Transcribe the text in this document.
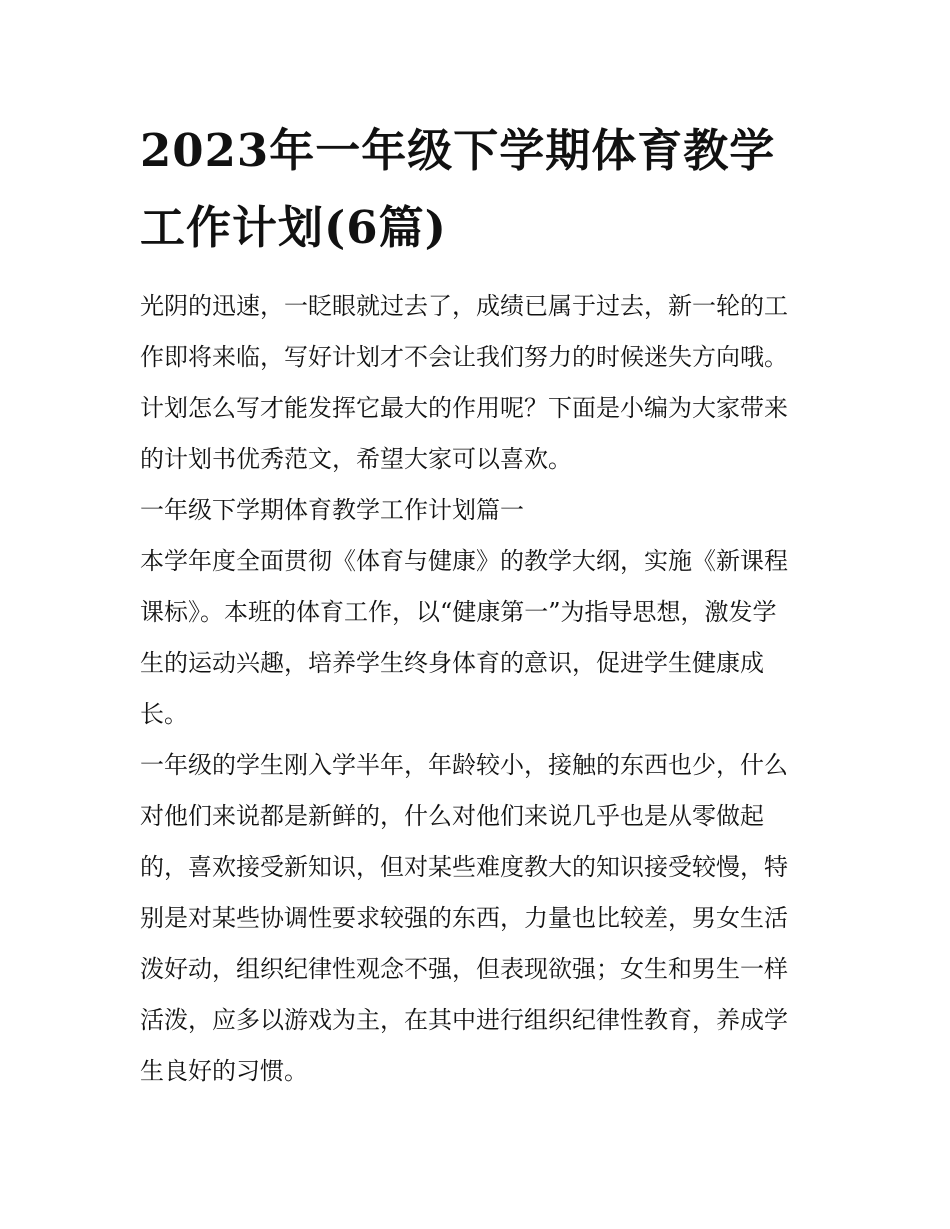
2023年一年级下学期体育教学
工作计划(6篇)

光阴的迅速，一眨眼就过去了，成绩已属于过去，新一轮的工
作即将来临，写好计划才不会让我们努力的时候迷失方向哦。
计划怎么写才能发挥它最大的作用呢？下面是小编为大家带来
的计划书优秀范文，希望大家可以喜欢。

一年级下学期体育教学工作计划篇一

本学年度全面贯彻《体育与健康》的教学大纲，实施《新课程
课标》。本班的体育工作，以“健康第一”为指导思想，激发学
生的运动兴趣，培养学生终身体育的意识，促进学生健康成
长。

一年级的学生刚入学半年，年龄较小，接触的东西也少，什么
对他们来说都是新鲜的，什么对他们来说几乎也是从零做起
的，喜欢接受新知识，但对某些难度教大的知识接受较慢，特
别是对某些协调性要求较强的东西，力量也比较差，男女生活
泼好动，组织纪律性观念不强，但表现欲强；女生和男生一样
活泼，应多以游戏为主，在其中进行组织纪律性教育，养成学
生良好的习惯。
